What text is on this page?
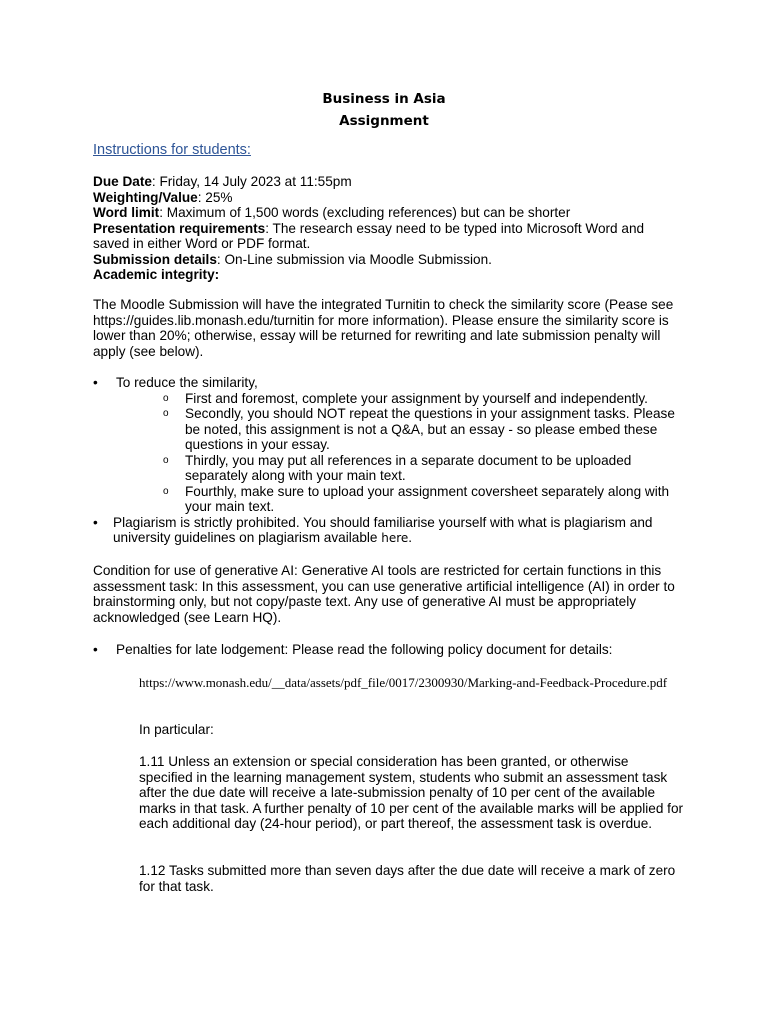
Business in Asia
Assignment
Instructions for students:

Due Date: Friday, 14 July 2023 at 11:55pm

Weighting/Value: 25%

Word limit: Maximum of 1,500 words (excluding references) but can be shorter

Presentation requirements: The research essay need to be typed into Microsoft Word and saved in either Word or PDF format.

Submission details: On-Line submission via Moodle Submission.

Academic integrity:

The Moodle Submission will have the integrated Turnitin to check the similarity score (Pease see https://guides.lib.monash.edu/turnitin for more information). Please ensure the similarity score is lower than 20%; otherwise, essay will be returned for rewriting and late submission penalty will apply (see below).
• To reduce the similarity,
o First and foremost, complete your assignment by yourself and independently.
o Secondly, you should NOT repeat the questions in your assignment tasks. Please be noted, this assignment is not a Q&A, but an essay - so please embed these questions in your essay.
o Thirdly, you may put all references in a separate document to be uploaded separately along with your main text.
o Fourthly, make sure to upload your assignment coversheet separately along with your main text.
• Plagiarism is strictly prohibited. You should familiarise yourself with what is plagiarism and university guidelines on plagiarism available here.
Condition for use of generative AI: Generative AI tools are restricted for certain functions in this assessment task: In this assessment, you can use generative artificial intelligence (AI) in order to brainstorming only, but not copy/paste text. Any use of generative AI must be appropriately acknowledged (see Learn HQ).
• Penalties for late lodgement: Please read the following policy document for details:
https://www.monash.edu/__data/assets/pdf_file/0017/2300930/Marking-and-Feedback-Procedure.pdf
In particular:
1.11 Unless an extension or special consideration has been granted, or otherwise specified in the learning management system, students who submit an assessment task after the due date will receive a late-submission penalty of 10 per cent of the available marks in that task. A further penalty of 10 per cent of the available marks will be applied for each additional day (24-hour period), or part thereof, the assessment task is overdue.
1.12 Tasks submitted more than seven days after the due date will receive a mark of zero for that task.
